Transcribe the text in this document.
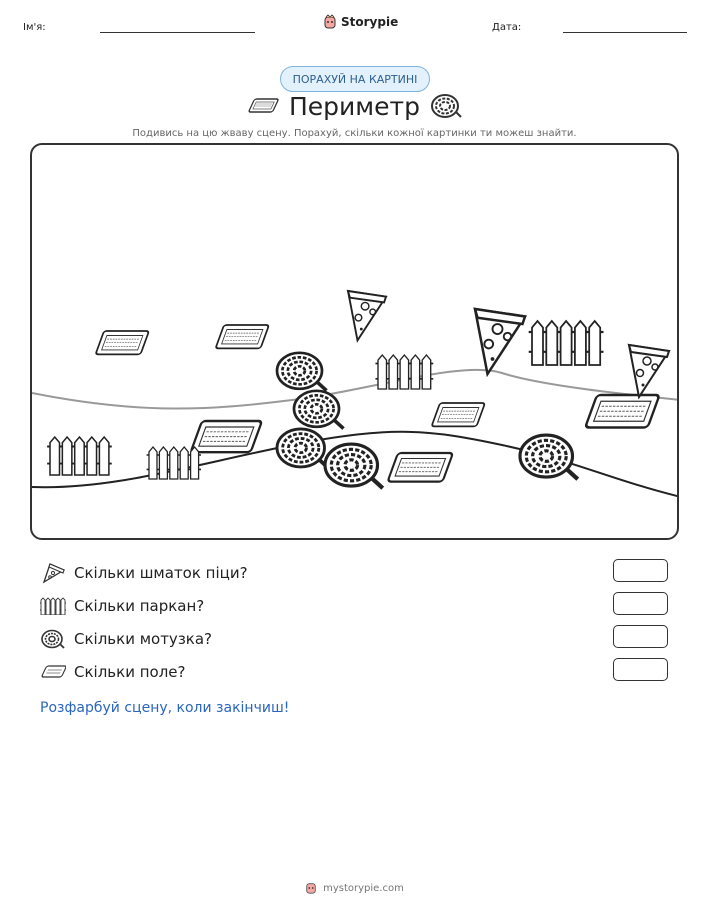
Ім'я:	Storypie	Дата:
ПОРАХУЙ НА КАРТИНІ
Периметр
Подивись на цю жваву сцену. Порахуй, скільки кожної картинки ти можеш знайти.
Скільки шматок піци?
Скільки паркан?
Скільки мотузка?
Скільки поле?
Розфарбуй сцену, коли закінчиш!
mystorypie.com
